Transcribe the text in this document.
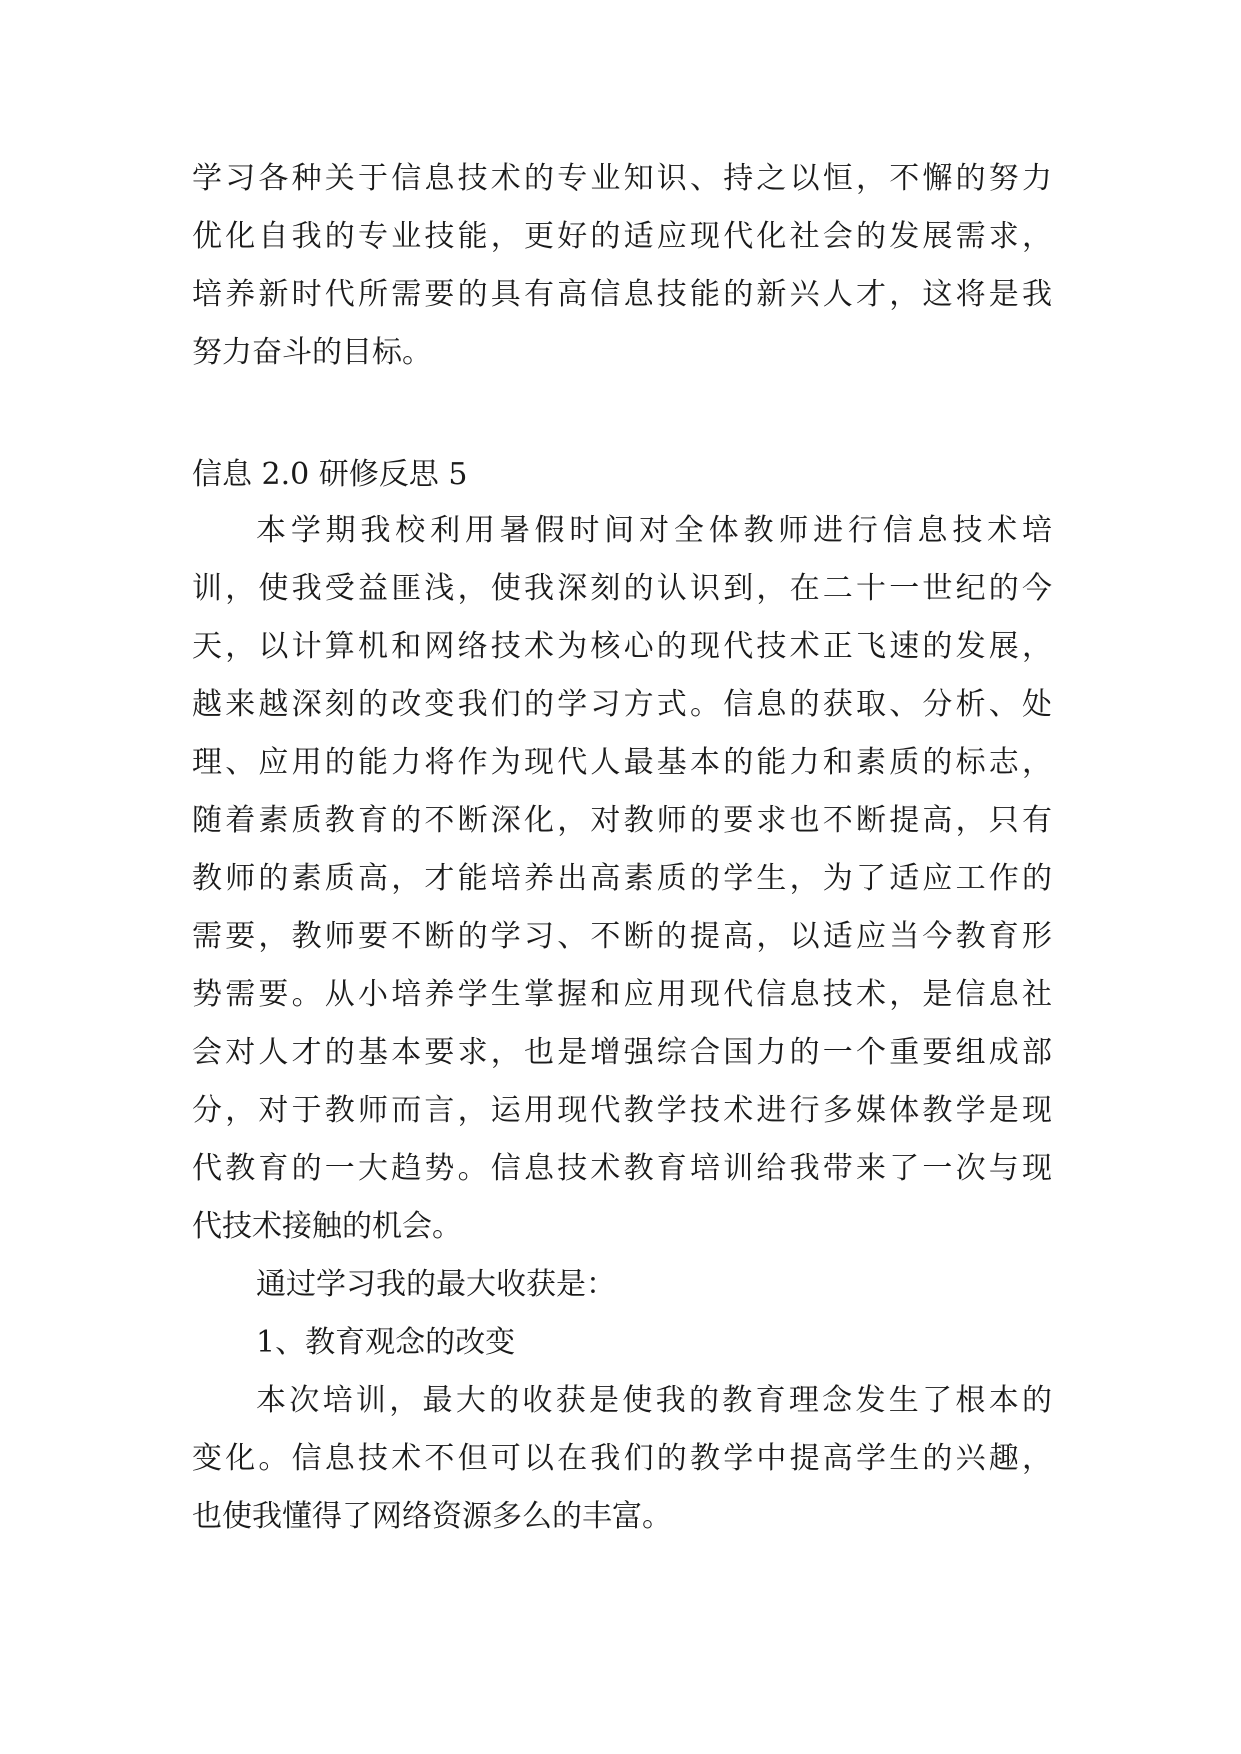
学习各种关于信息技术的专业知识、持之以恒，不懈的努力
优化自我的专业技能，更好的适应现代化社会的发展需求，
培养新时代所需要的具有高信息技能的新兴人才，这将是我
努力奋斗的目标。
信息 2.0 研修反思 5
本学期我校利用暑假时间对全体教师进行信息技术培
训，使我受益匪浅，使我深刻的认识到，在二十一世纪的今
天，以计算机和网络技术为核心的现代技术正飞速的发展，
越来越深刻的改变我们的学习方式。信息的获取、分析、处
理、应用的能力将作为现代人最基本的能力和素质的标志，
随着素质教育的不断深化，对教师的要求也不断提高，只有
教师的素质高，才能培养出高素质的学生，为了适应工作的
需要，教师要不断的学习、不断的提高，以适应当今教育形
势需要。从小培养学生掌握和应用现代信息技术，是信息社
会对人才的基本要求，也是增强综合国力的一个重要组成部
分，对于教师而言，运用现代教学技术进行多媒体教学是现
代教育的一大趋势。信息技术教育培训给我带来了一次与现
代技术接触的机会。
通过学习我的最大收获是：
1、教育观念的改变
本次培训，最大的收获是使我的教育理念发生了根本的
变化。信息技术不但可以在我们的教学中提高学生的兴趣，
也使我懂得了网络资源多么的丰富。
